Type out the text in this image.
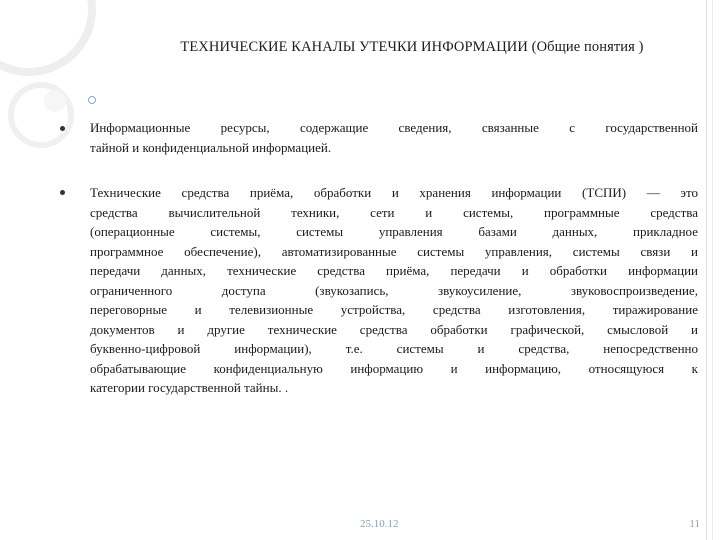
ТЕХНИЧЕСКИЕ КАНАЛЫ УТЕЧКИ ИНФОРМАЦИИ (Общие понятия )

Информационные ресурсы, содержащие сведения, связанные с государственной
тайной и конфиденциальной информацией.

Технические средства приёма, обработки и хранения информации (ТСПИ) — это
средства вычислительной техники, сети и системы, программные средства
(операционные системы, системы управления базами данных, прикладное
программное обеспечение), автоматизированные системы управления, системы связи и
передачи данных, технические средства приёма, передачи и обработки информации
ограниченного доступа (звукозапись, звукоусиление, звуковоспроизведение,
переговорные и телевизионные устройства, средства изготовления, тиражирование
документов и другие технические средства обработки графической, смысловой и
буквенно-цифровой информации), т.е. системы и средства, непосредственно
обрабатывающие конфиденциальную информацию и информацию, относящуюся к
категории государственной тайны. .

25.10.12	11
